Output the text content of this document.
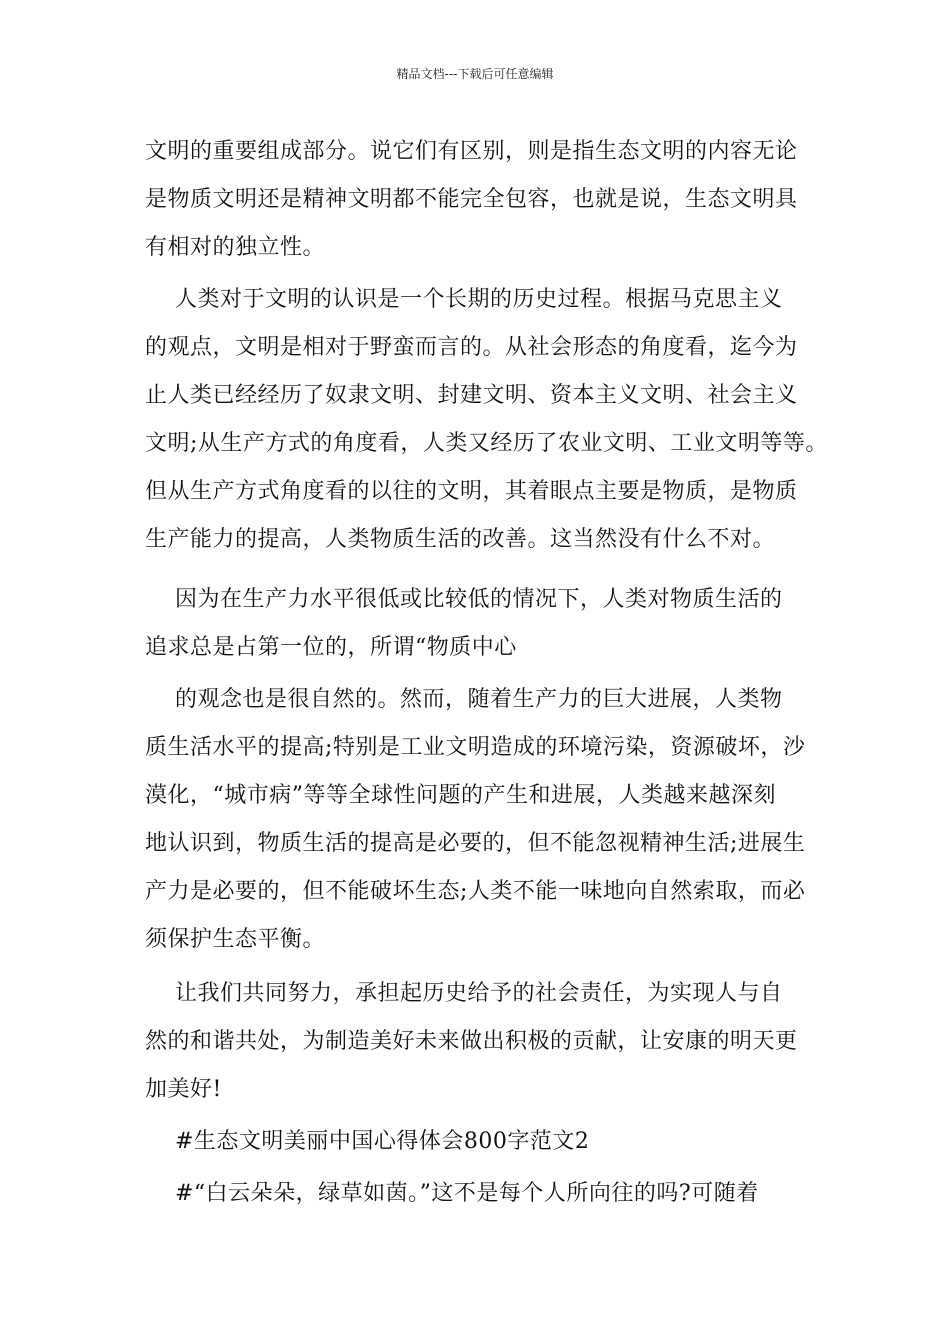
精品文档---下载后可任意编辑
文明的重要组成部分。说它们有区别，则是指生态文明的内容无论
是物质文明还是精神文明都不能完全包容，也就是说，生态文明具
有相对的独立性。
人类对于文明的认识是一个长期的历史过程。根据马克思主义
的观点，文明是相对于野蛮而言的。从社会形态的角度看，迄今为
止人类已经经历了奴隶文明、封建文明、资本主义文明、社会主义
文明;从生产方式的角度看，人类又经历了农业文明、工业文明等等。
但从生产方式角度看的以往的文明，其着眼点主要是物质，是物质
生产能力的提高，人类物质生活的改善。这当然没有什么不对。
因为在生产力水平很低或比较低的情况下，人类对物质生活的
追求总是占第一位的，所谓“物质中心
的观念也是很自然的。然而，随着生产力的巨大进展，人类物
质生活水平的提高;特别是工业文明造成的环境污染，资源破坏，沙
漠化，“城市病”等等全球性问题的产生和进展，人类越来越深刻
地认识到，物质生活的提高是必要的，但不能忽视精神生活;进展生
产力是必要的，但不能破坏生态;人类不能一味地向自然索取，而必
须保护生态平衡。
让我们共同努力，承担起历史给予的社会责任，为实现人与自
然的和谐共处，为制造美好未来做出积极的贡献，让安康的明天更
加美好!
#生态文明美丽中国心得体会800字范文2
#“白云朵朵，绿草如茵。”这不是每个人所向往的吗?可随着
